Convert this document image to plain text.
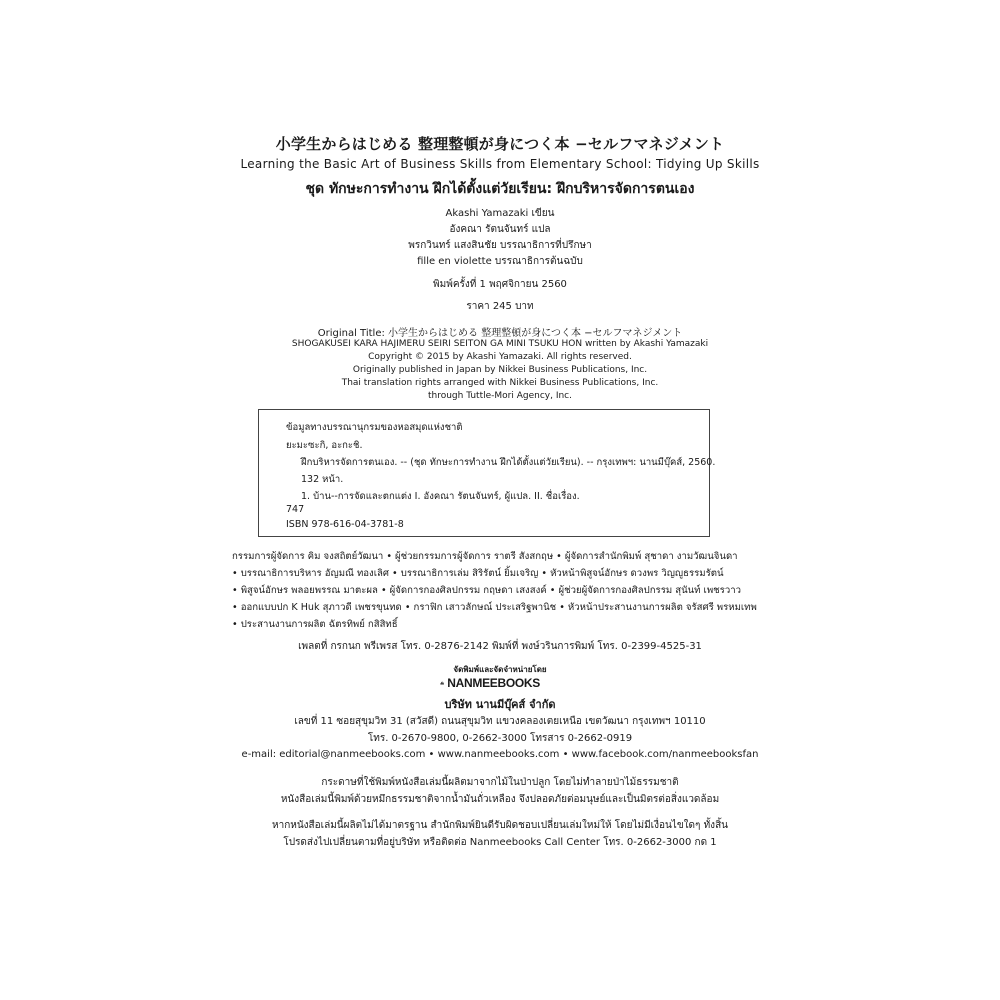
小学生からはじめる 整理整頓が身につく本 −セルフマネジメント
Learning the Basic Art of Business Skills from Elementary School: Tidying Up Skills
ชุด ทักษะการทำงาน ฝึกได้ตั้งแต่วัยเรียน: ฝึกบริหารจัดการตนเอง
Akashi Yamazaki เขียน
อังคณา รัตนจันทร์ แปล
พรกวินทร์ แสงสินชัย บรรณาธิการที่ปรึกษา
fille en violette บรรณาธิการต้นฉบับ
พิมพ์ครั้งที่ 1 พฤศจิกายน 2560
ราคา 245 บาท
Original Title: 小学生からはじめる 整理整頓が身につく本 −セルフマネジメント
SHOGAKUSEI KARA HAJIMERU SEIRI SEITON GA MINI TSUKU HON written by Akashi Yamazaki
Copyright © 2015 by Akashi Yamazaki. All rights reserved.
Originally published in Japan by Nikkei Business Publications, Inc.
Thai translation rights arranged with Nikkei Business Publications, Inc.
through Tuttle-Mori Agency, Inc.
ข้อมูลทางบรรณานุกรมของหอสมุดแห่งชาติ
ยะมะซะกิ, อะกะชิ.
ฝึกบริหารจัดการตนเอง. -- (ชุด ทักษะการทำงาน ฝึกได้ตั้งแต่วัยเรียน). -- กรุงเทพฯ: นานมีบุ๊คส์, 2560.
132 หน้า.
1. บ้าน--การจัดและตกแต่ง I. อังคณา รัตนจันทร์, ผู้แปล. II. ชื่อเรื่อง.
747
ISBN 978-616-04-3781-8
กรรมการผู้จัดการ คิม จงสถิตย์วัฒนา • ผู้ช่วยกรรมการผู้จัดการ ราตรี สังสกฤษ • ผู้จัดการสำนักพิมพ์ สุชาดา งามวัฒนจินดา
• บรรณาธิการบริหาร อัญมณี ทองเลิศ • บรรณาธิการเล่ม สิริรัตน์ ยิ้มเจริญ • หัวหน้าพิสูจน์อักษร ดวงพร วิญญูธรรมรัตน์
• พิสูจน์อักษร พลอยพรรณ มาตะผล • ผู้จัดการกองศิลปกรรม กฤษดา เสงสงค์ • ผู้ช่วยผู้จัดการกองศิลปกรรม สุนันท์ เพชรวาว
• ออกแบบปก K Huk สุภาวดี เพชรขุนทด • กราฟิก เสาวลักษณ์ ประเสริฐพานิช • หัวหน้าประสานงานการผลิต จรัสศรี พรหมเทพ
• ประสานงานการผลิต ฉัตรทิพย์ กสิสิทธิ์
เพลตที่ กรกนก พรีเพรส โทร. 0-2876-2142 พิมพ์ที่ พงษ์วรินการพิมพ์ โทร. 0-2399-4525-31
จัดพิมพ์และจัดจำหน่ายโดย
NANMEEBOOKS
บริษัท นานมีบุ๊คส์ จำกัด
เลขที่ 11 ซอยสุขุมวิท 31 (สวัสดี) ถนนสุขุมวิท แขวงคลองเตยเหนือ เขตวัฒนา กรุงเทพฯ 10110
โทร. 0-2670-9800, 0-2662-3000 โทรสาร 0-2662-0919
e-mail: editorial@nanmeebooks.com • www.nanmeebooks.com • www.facebook.com/nanmeebooksfan
กระดาษที่ใช้พิมพ์หนังสือเล่มนี้ผลิตมาจากไม้ในป่าปลูก โดยไม่ทำลายป่าไม้ธรรมชาติ
หนังสือเล่มนี้พิมพ์ด้วยหมึกธรรมชาติจากน้ำมันถั่วเหลือง จึงปลอดภัยต่อมนุษย์และเป็นมิตรต่อสิ่งแวดล้อม
หากหนังสือเล่มนี้ผลิตไม่ได้มาตรฐาน สำนักพิมพ์ยินดีรับผิดชอบเปลี่ยนเล่มใหม่ให้ โดยไม่มีเงื่อนไขใดๆ ทั้งสิ้น
โปรดส่งไปเปลี่ยนตามที่อยู่บริษัท หรือติดต่อ Nanmeebooks Call Center โทร. 0-2662-3000 กด 1
